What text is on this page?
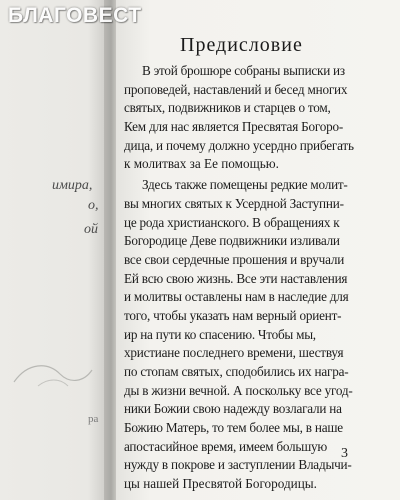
имира,
о,
ой
ра
БЛАГОВЕСТ
Предисловие
В этой брошюре собраны выписки из
проповедей, наставлений и бесед многих
святых, подвижников и старцев о том,
Кем для нас является Пресвятая Богоро-
дица, и почему должно усердно прибегать
к молитвах за Ее помощью.
Здесь также помещены редкие молит-
вы многих святых к Усердной Заступни-
це рода христианского. В обращениях к
Богородице Деве подвижники изливали
все свои сердечные прошения и вручали
Ей всю свою жизнь. Все эти наставления
и молитвы оставлены нам в наследие для
того, чтобы указать нам верный ориент-
ир на пути ко спасению. Чтобы мы,
христиане последнего времени, шествуя
по стопам святых, сподобились их награ-
ды в жизни вечной. А поскольку все угод-
ники Божии свою надежду возлагали на
Божию Матерь, то тем более мы, в наше
апостасийное время, имеем большую
нужду в покрове и заступлении Владычи-
цы нашей Пресвятой Богородицы.
3
